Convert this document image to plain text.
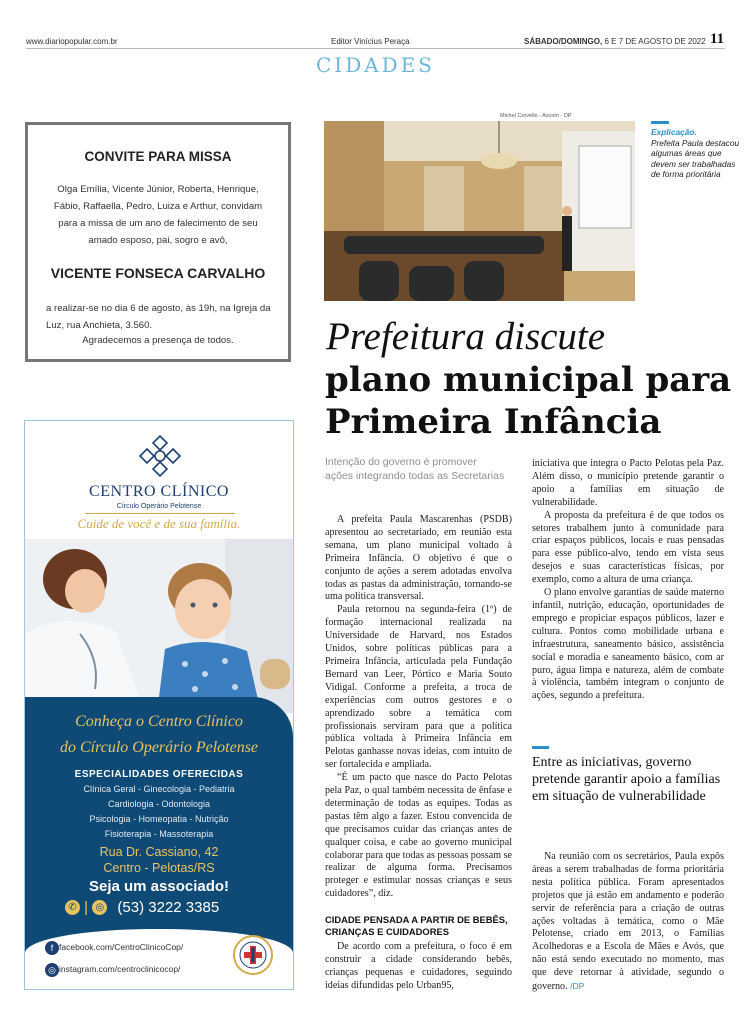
www.diariopopular.com.br	Editor Vinícius Peraça	SÁBADO/DOMINGO, 6 E 7 DE AGOSTO DE 2022 11
CIDADES
CONVITE PARA MISSA
Olga Emília, Vicente Júnior, Roberta, Henrique, Fábio, Raffaella, Pedro, Luiza e Arthur, convidam para a missa de um ano de falecimento de seu amado esposo, pai, sogro e avô,
VICENTE FONSECA CARVALHO
a realizar-se no dia 6 de agosto, às 19h, na Igreja da Luz, rua Anchieta, 3.560.
Agradecemos a presença de todos.
CENTRO CLÍNICO
Círculo Operário Pelotense
Cuide de você e de sua família.
Conheça o Centro Clínico
do Círculo Operário Pelotense
ESPECIALIDADES OFERECIDAS
Clínica Geral - Ginecologia - Pediatria
Cardiologia - Odontologia
Psicologia - Homeopatia - Nutrição
Fisioterapia - Massoterapia
Rua Dr. Cassiano, 42
Centro - Pelotas/RS
Seja um associado!
✆ | ◎ (53) 3222 3385
f facebook.com/CentroClinicoCop/
◎ instagram.com/centroclinicocop/
Michel Corvello - Ascom - DP
Explicação.
Prefeita Paula destacou algumas áreas que devem ser trabalhadas de forma prioritária
Prefeitura discute
plano municipal para
Primeira Infância
Intenção do governo é promover ações integrando todas as Secretarias

A prefeita Paula Mascarenhas (PSDB) apresentou ao secretariado, em reunião esta semana, um plano municipal voltado à Primeira Infância. O objetivo é que o conjunto de ações a serem adotadas envolva todas as pastas da administração, tornando-se uma política transversal.

Paula retornou na segunda-feira (1º) de formação internacional realizada na Universidade de Harvard, nos Estados Unidos, sobre políticas públicas para a Primeira Infância, articulada pela Fundação Bernard van Leer, Pórtico e Maria Souto Vidigal. Conforme a prefeita, a troca de experiências com outros gestores e o aprendizado sobre a temática com profissionais serviram para que a política pública voltada à Primeira Infância em Pelotas ganhasse novas ideias, com intuito de ser fortalecida e ampliada.

“É um pacto que nasce do Pacto Pelotas pela Paz, o qual também necessita de ênfase e determinação de todas as equipes. Todas as pastas têm algo a fazer. Estou convencida de que precisamos cuidar das crianças antes de qualquer coisa, e cabe ao governo municipal colaborar para que todas as pessoas possam se realizar de alguma forma. Precisamos proteger e estimular nossas crianças e seus cuidadores”, diz.

CIDADE PENSADA A PARTIR DE BEBÊS, CRIANÇAS E CUIDADORES

De acordo com a prefeitura, o foco é em construir a cidade considerando bebês, crianças pequenas e cuidadores, seguindo ideias difundidas pelo Urban95,

iniciativa que integra o Pacto Pelotas pela Paz. Além disso, o município pretende garantir o apoio a famílias em situação de vulnerabilidade.

A proposta da prefeitura é de que todos os setores trabalhem junto à comunidade para criar espaços públicos, locais e ruas pensadas para esse público-alvo, tendo em vista seus desejos e suas características físicas, por exemplo, como a altura de uma criança.

O plano envolve garantias de saúde materno infantil, nutrição, educação, oportunidades de emprego e propiciar espaços públicos, lazer e cultura. Pontos como mobilidade urbana e infraestrutura, saneamento básico, assistência social e moradia e saneamento básico, com ar puro, água limpa e natureza, além de combate à violência, também integram o conjunto de ações, segundo a prefeitura.

Entre as iniciativas, governo pretende garantir apoio a famílias em situação de vulnerabilidade

Na reunião com os secretários, Paula expôs áreas a serem trabalhadas de forma prioritária nesta política pública. Foram apresentados projetos que já estão em andamento e poderão servir de referência para a criação de outras ações voltadas à temática, como o Mãe Pelotense, criado em 2013, o Famílias Acolhedoras e a Escola de Mães e Avós, que não está sendo executado no momento, mas que deve retornar à atividade, segundo o governo. /DP
